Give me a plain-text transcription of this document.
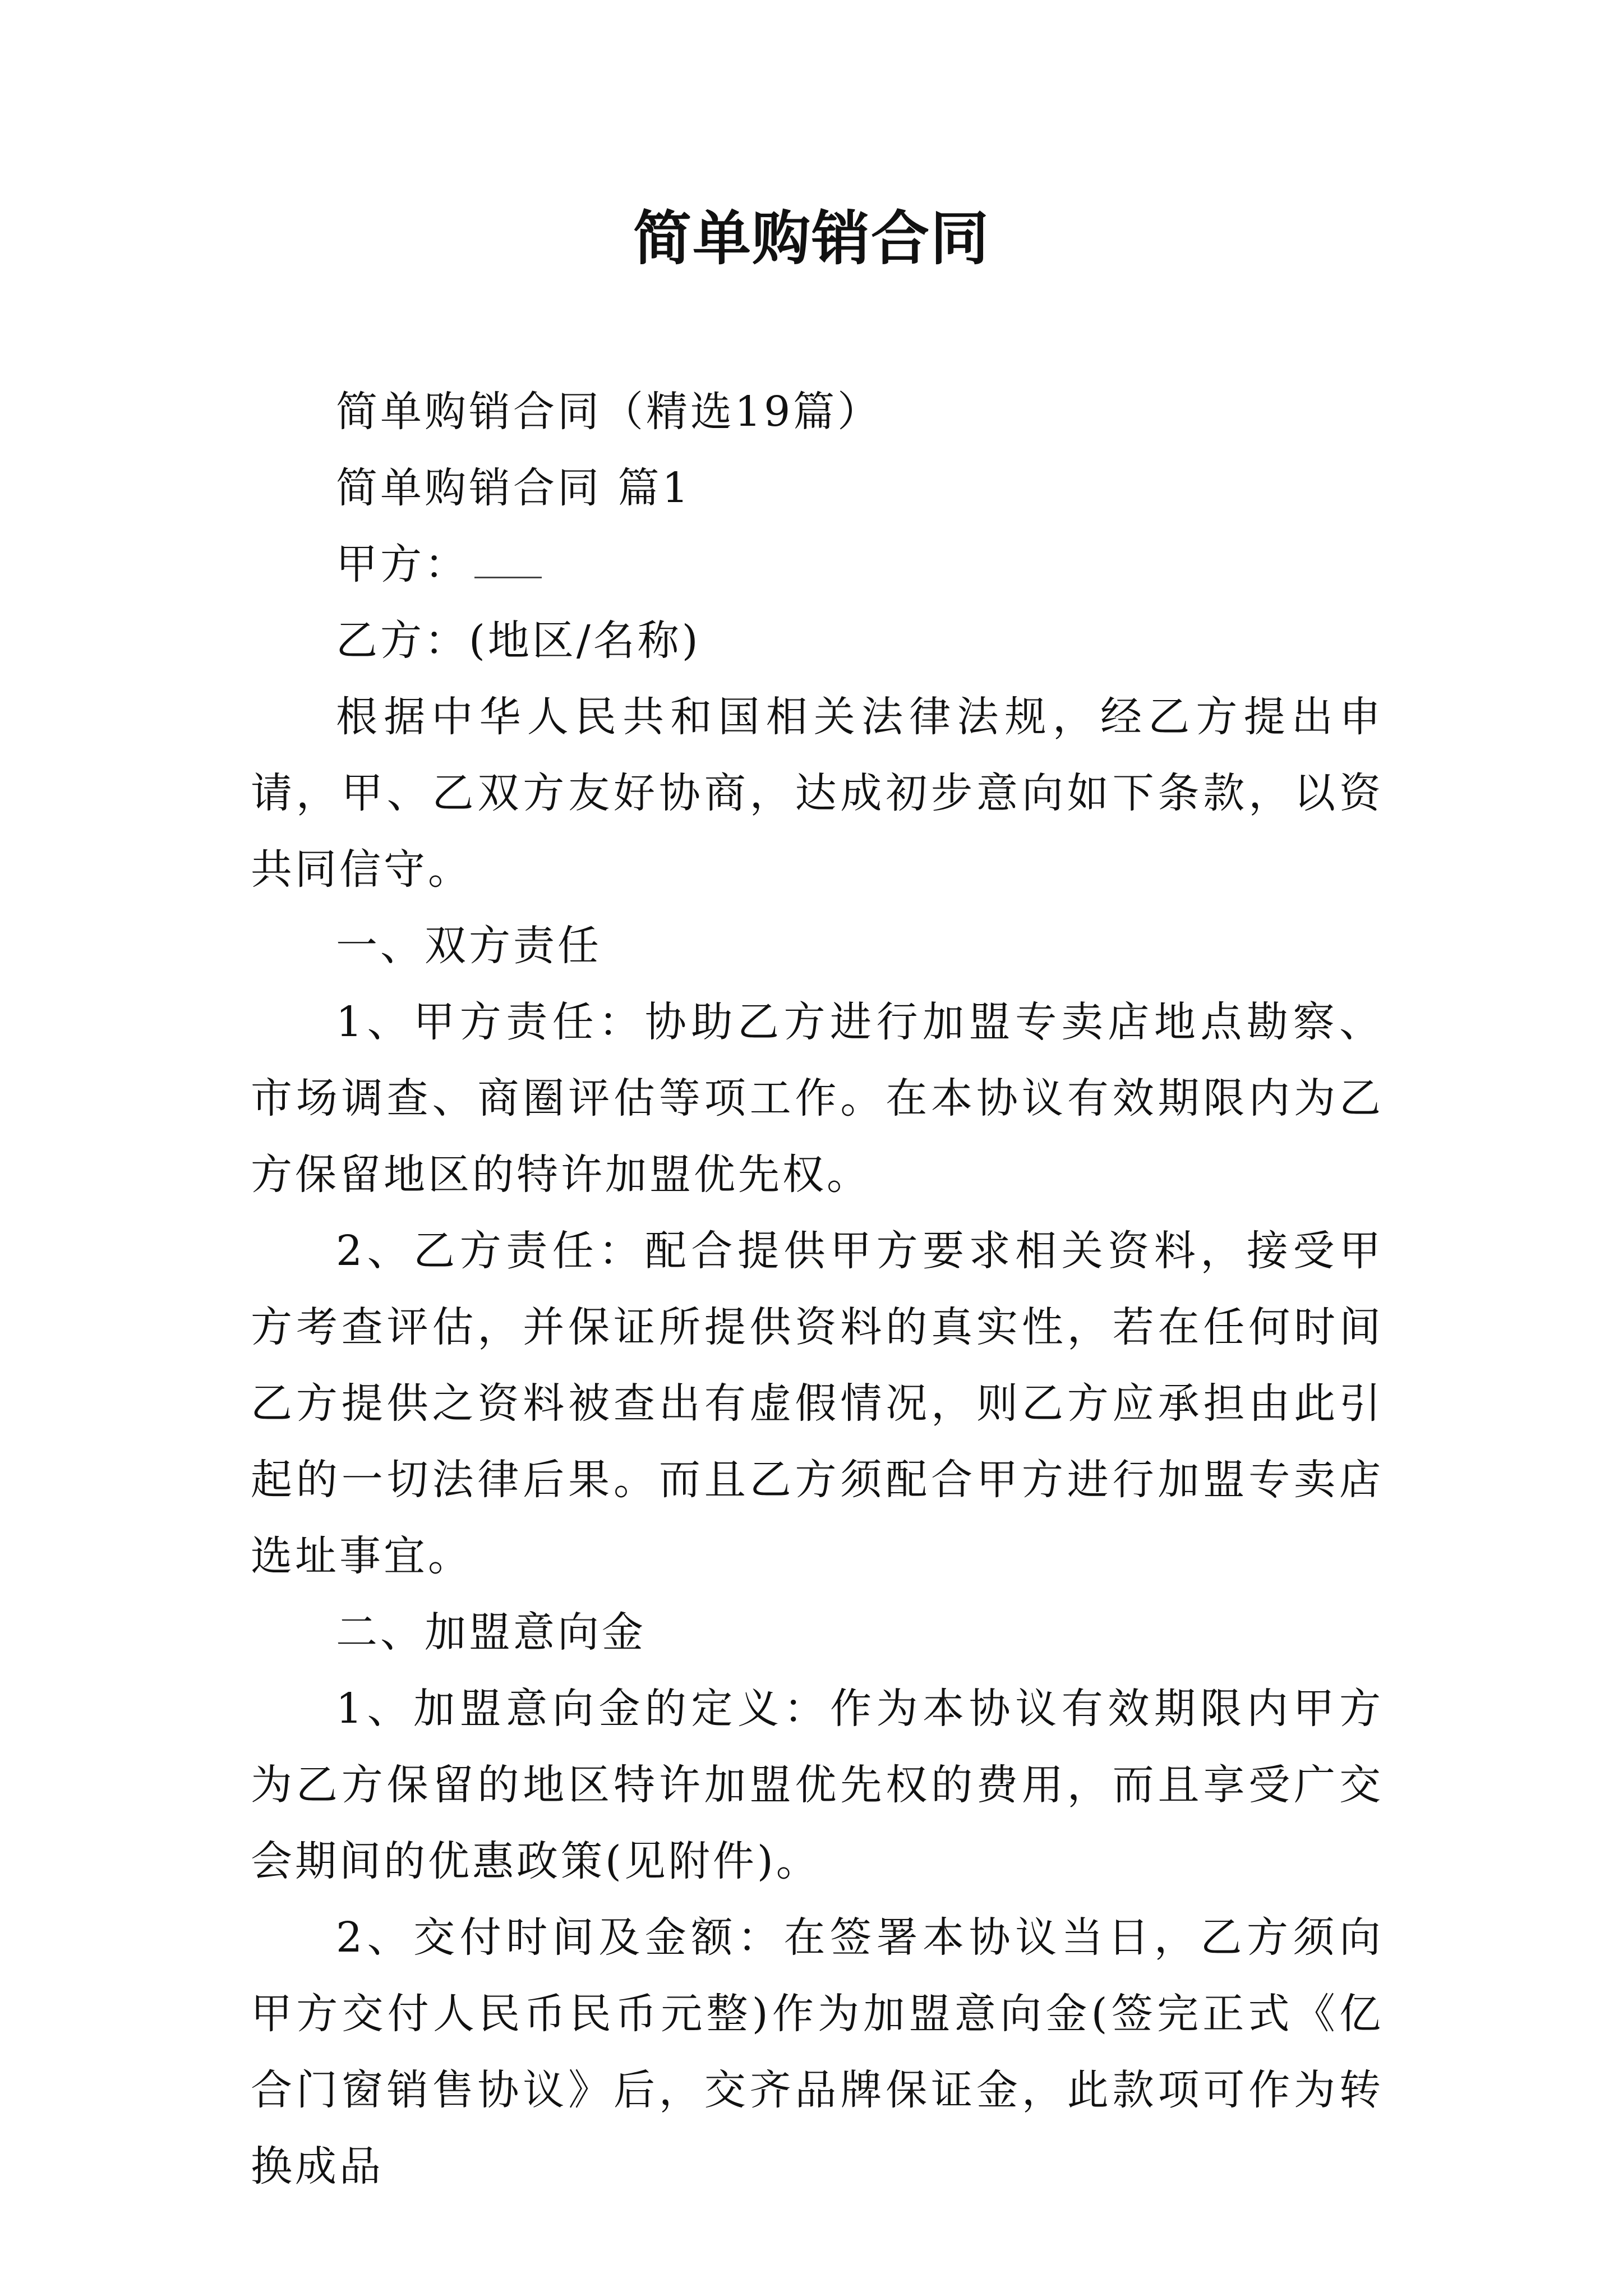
简单购销合同

简单购销合同（精选19篇）

简单购销合同 篇1

甲方：

乙方：(地区/名称)

根据中华人民共和国相关法律法规，经乙方提出申请，甲、乙双方友好协商，达成初步意向如下条款，以资共同信守。

一、双方责任

1、甲方责任：协助乙方进行加盟专卖店地点勘察、市场调查、商圈评估等项工作。在本协议有效期限内为乙方保留地区的特许加盟优先权。

2、乙方责任：配合提供甲方要求相关资料，接受甲方考查评估，并保证所提供资料的真实性，若在任何时间乙方提供之资料被查出有虚假情况，则乙方应承担由此引起的一切法律后果。而且乙方须配合甲方进行加盟专卖店选址事宜。

二、加盟意向金

1、加盟意向金的定义：作为本协议有效期限内甲方为乙方保留的地区特许加盟优先权的费用，而且享受广交会期间的优惠政策(见附件)。

2、交付时间及金额：在签署本协议当日，乙方须向甲方交付人民币民币元整)作为加盟意向金(签完正式《亿合门窗销售协议》后，交齐品牌保证金，此款项可作为转换成品
